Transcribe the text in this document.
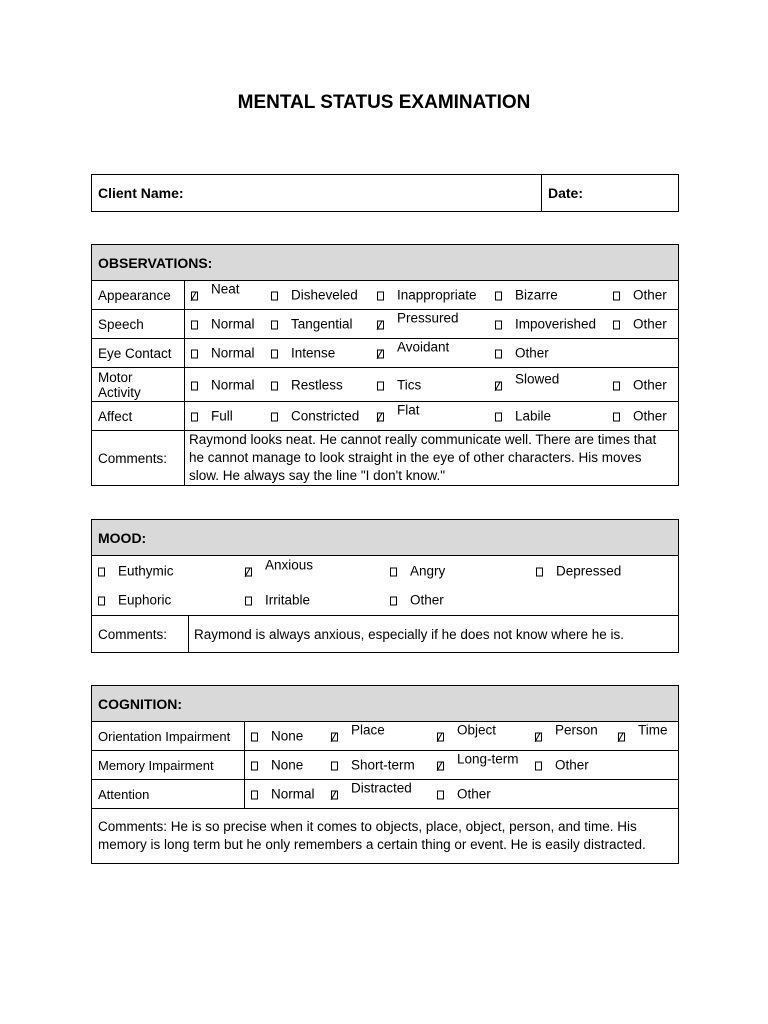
MENTAL STATUS EXAMINATION
Client Name:	Date:
OBSERVATIONS:	
Appearance	Neat Disheveled Inappropriate Bizarre Other

Speech	Normal Tangential Pressured Impoverished Other

Eye Contact	Normal Intense Avoidant Other

Motor Activity	Normal Restless Tics Slowed Other

Affect	Full Constricted Flat Labile Other

Comments:	Raymond looks neat. He cannot really communicate well. There are times that he cannot manage to look straight in the eye of other characters. His moves slow. He always say the line "I don't know."
MOOD:

Euthymic	Anxious	Angry	Depressed
Euphoric	Irritable	Other

Comments:	Raymond is always anxious, especially if he does not know where he is.
COGNITION:	
Orientation Impairment	None Place Object Person Time

Memory Impairment	None Short-term Long-term Other

Attention	Normal Distracted Other

Comments: He is so precise when it comes to objects, place, object, person, and time. His memory is long term but he only remembers a certain thing or event. He is easily distracted.	
